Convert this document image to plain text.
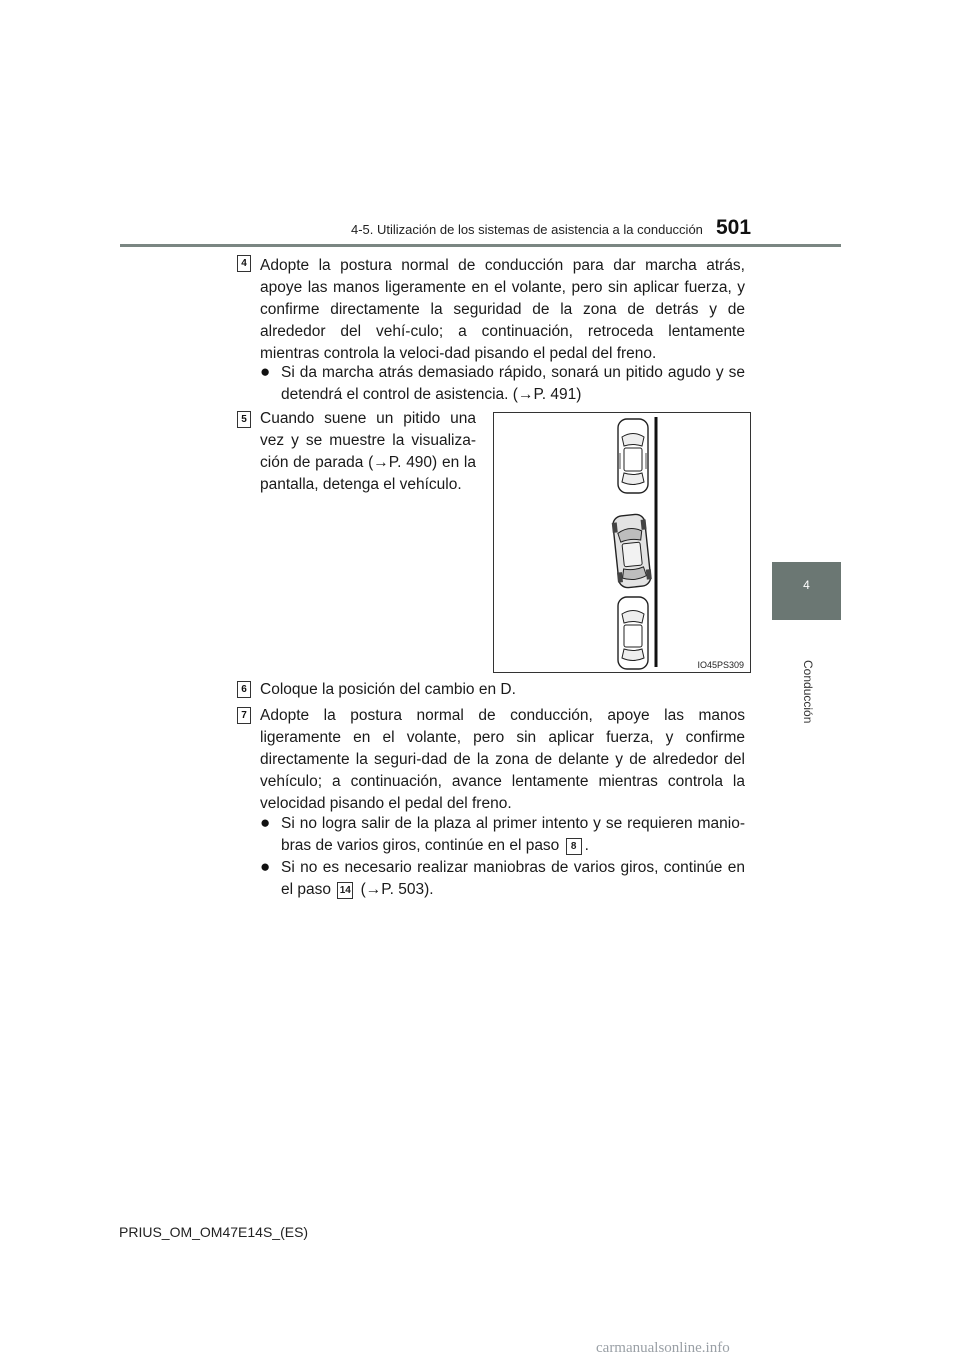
4-5. Utilización de los sistemas de asistencia a la conducción 501
4
Conducción
4 Adopte la postura normal de conducción para dar marcha atrás, apoye las manos ligeramente en el volante, pero sin aplicar fuerza, y confirme directamente la seguridad de la zona de detrás y de alrededor del vehí-culo; a continuación, retroceda lentamente mientras controla la veloci-dad pisando el pedal del freno.
● Si da marcha atrás demasiado rápido, sonará un pitido agudo y se detendrá el control de asistencia. (→P. 491)
5 Cuando suene un pitido una vez y se muestre la visualiza-ción de parada (→P. 490) en la pantalla, detenga el vehículo.
IO45PS309
6 Coloque la posición del cambio en D.
7 Adopte la postura normal de conducción, apoye las manos ligeramente en el volante, pero sin aplicar fuerza, y confirme directamente la seguri-dad de la zona de delante y de alrededor del vehículo; a continuación, avance lentamente mientras controla la velocidad pisando el pedal del freno.
● Si no logra salir de la plaza al primer intento y se requieren manio-bras de varios giros, continúe en el paso 8 .
● Si no es necesario realizar maniobras de varios giros, continúe en el paso 14 (→P. 503).
PRIUS_OM_OM47E14S_(ES)
carmanualsonline.info
